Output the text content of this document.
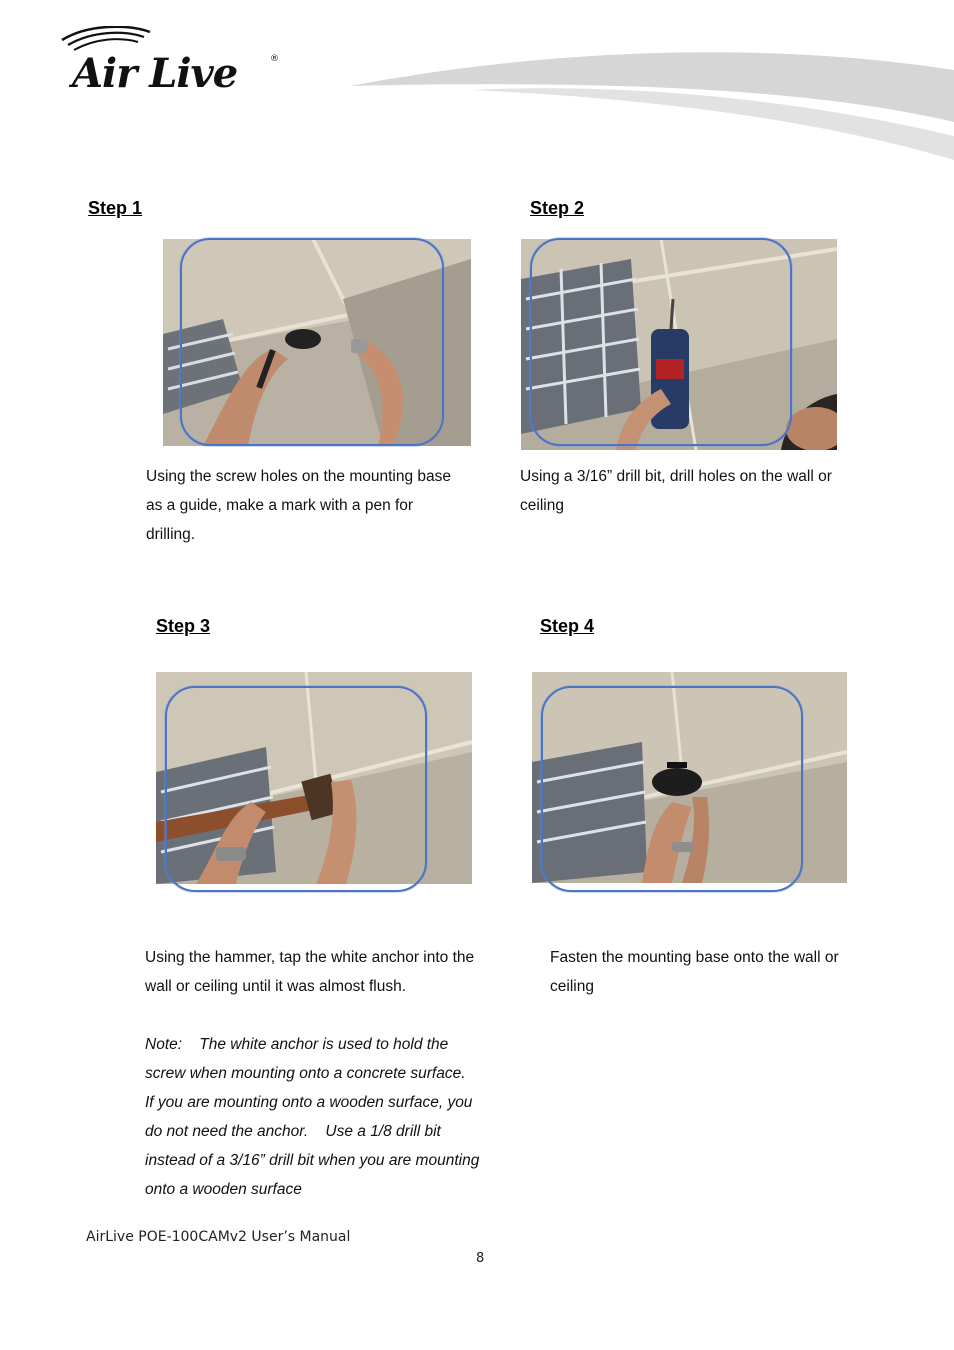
Air Live	®
Step 1	Step 2
Step 3	Step 4
Using the screw holes on the mounting base
as a guide, make a mark with a pen for
drilling.
Using a 3/16” drill bit, drill holes on the wall or
ceiling
Using the hammer, tap the white anchor into the
wall or ceiling until it was almost flush.
Note:    The white anchor is used to hold the
screw when mounting onto a concrete surface.
If you are mounting onto a wooden surface, you
do not need the anchor.    Use a 1/8 drill bit
instead of a 3/16” drill bit when you are mounting
onto a wooden surface
Fasten the mounting base onto the wall or
ceiling
AirLive POE-100CAMv2 User’s Manual
8
